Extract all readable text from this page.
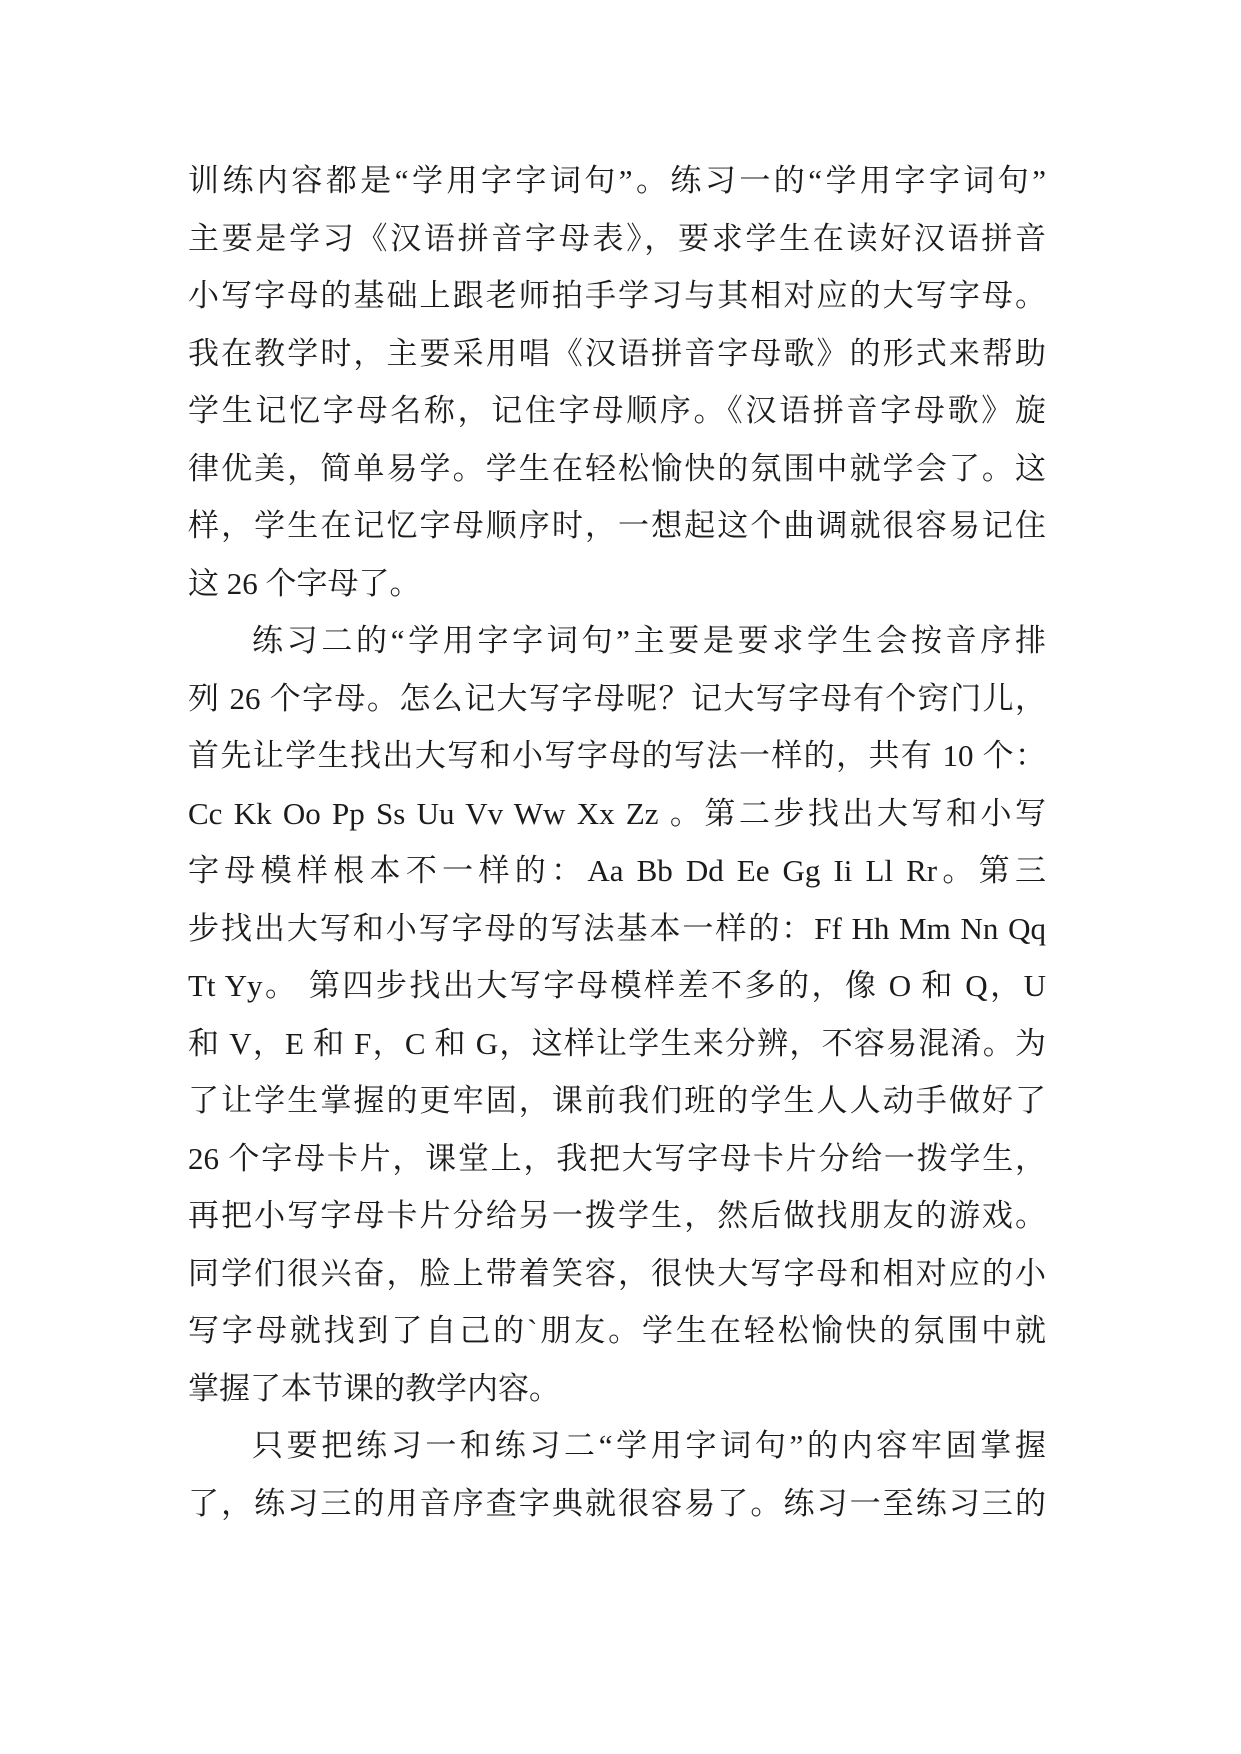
训练内容都是“学用字字词句”。练习一的“学用字字词句”
主要是学习《汉语拼音字母表》，要求学生在读好汉语拼音
小写字母的基础上跟老师拍手学习与其相对应的大写字母。
我在教学时，主要采用唱《汉语拼音字母歌》的形式来帮助
学生记忆字母名称，记住字母顺序。《汉语拼音字母歌》旋
律优美，简单易学。学生在轻松愉快的氛围中就学会了。这
样，学生在记忆字母顺序时，一想起这个曲调就很容易记住
这 26 个字母了。
练习二的“学用字字词句”主要是要求学生会按音序排
列 26 个字母。怎么记大写字母呢？记大写字母有个窍门儿，
首先让学生找出大写和小写字母的写法一样的，共有 10 个：
Cc Kk Oo Pp Ss Uu Vv Ww Xx Zz 。第二步找出大写和小写
字母模样根本不一样的：Aa Bb Dd Ee Gg Ii Ll Rr。第三
步找出大写和小写字母的写法基本一样的：Ff Hh Mm Nn Qq
Tt Yy。 第四步找出大写字母模样差不多的，像 O 和 Q，U
和 V，E 和 F，C 和 G，这样让学生来分辨，不容易混淆。为
了让学生掌握的更牢固，课前我们班的学生人人动手做好了
26 个字母卡片，课堂上，我把大写字母卡片分给一拨学生，
再把小写字母卡片分给另一拨学生，然后做找朋友的游戏。
同学们很兴奋，脸上带着笑容，很快大写字母和相对应的小
写字母就找到了自己的`朋友。学生在轻松愉快的氛围中就
掌握了本节课的教学内容。
只要把练习一和练习二“学用字词句”的内容牢固掌握
了，练习三的用音序查字典就很容易了。练习一至练习三的
